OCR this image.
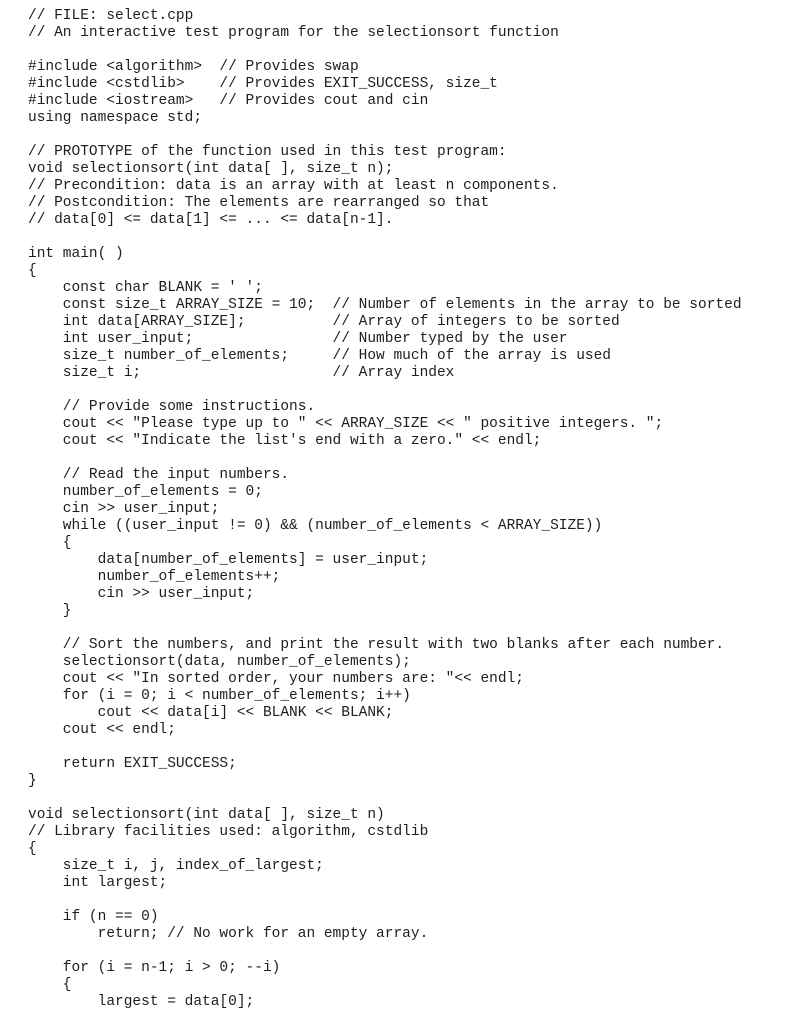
// FILE: select.cpp
// An interactive test program for the selectionsort function
#include <algorithm>  // Provides swap
#include <cstdlib>    // Provides EXIT_SUCCESS, size_t
#include <iostream>   // Provides cout and cin
using namespace std;
// PROTOTYPE of the function used in this test program:
void selectionsort(int data[ ], size_t n);
// Precondition: data is an array with at least n components.
// Postcondition: The elements are rearranged so that
// data[0] <= data[1] <= ... <= data[n-1].
int main( )
{
const char BLANK = ' ';
const size_t ARRAY_SIZE = 10;  // Number of elements in the array to be sorted
int data[ARRAY_SIZE];          // Array of integers to be sorted
int user_input;                // Number typed by the user
size_t number_of_elements;     // How much of the array is used
size_t i;                      // Array index
// Provide some instructions.
cout << "Please type up to " << ARRAY_SIZE << " positive integers. ";
cout << "Indicate the list's end with a zero." << endl;
// Read the input numbers.
number_of_elements = 0;
cin >> user_input;
while ((user_input != 0) && (number_of_elements < ARRAY_SIZE))
{
data[number_of_elements] = user_input;
number_of_elements++;
cin >> user_input;
}
// Sort the numbers, and print the result with two blanks after each number.
selectionsort(data, number_of_elements);
cout << "In sorted order, your numbers are: "<< endl;
for (i = 0; i < number_of_elements; i++)
cout << data[i] << BLANK << BLANK;
cout << endl;
return EXIT_SUCCESS;
}
void selectionsort(int data[ ], size_t n)
// Library facilities used: algorithm, cstdlib
{
size_t i, j, index_of_largest;
int largest;
if (n == 0)
return; // No work for an empty array.
for (i = n-1; i > 0; --i)
{
largest = data[0];
